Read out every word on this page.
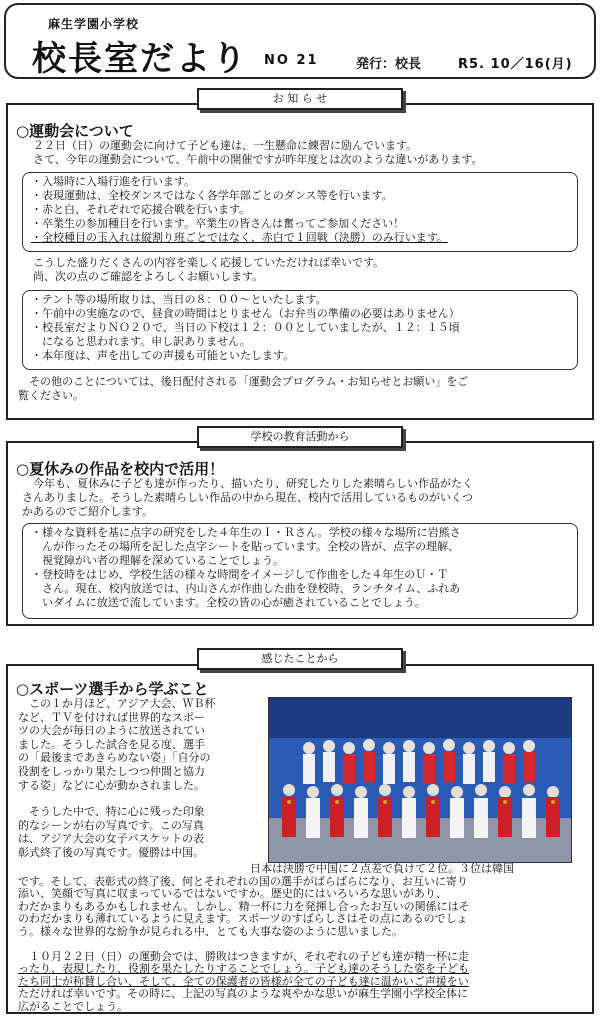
麻生学園小学校
校長室だより NO 21	発行：校長	R5. 10／16(月)
お 知 ら せ
○運動会について
　２２日（日）の運動会に向けて子ども達は、一生懸命に練習に励んでいます。
　さて、今年の運動会について、午前中の開催ですが昨年度とは次のような違いがあります。
・入場時に入場行進を行います。
・表現運動は、全校ダンスではなく各学年部ごとのダンス等を行います。
・赤と白、それぞれで応援合戦を行います。
・卒業生の参加種目を行います。卒業生の皆さんは奮ってご参加ください！
・全校種目の玉入れは縦割り班ごとではなく、赤白で１回戦（決勝）のみ行います。
　こうした盛りだくさんの内容を楽しく応援していただければ幸いです。
　尚、次の点のご確認をよろしくお願いします。
・テント等の場所取りは、当日の８：００〜といたします。
・午前中の実施なので、昼食の時間はとりません（お弁当の準備の必要はありません）
・校長室だよりＮＯ２０で、当日の下校は１２：００としていましたが、１２：１５頃
　になると思われます。申し訳ありません。
・本年度は、声を出しての声援も可能といたします。
　その他のことについては、後日配付される「運動会プログラム・お知らせとお願い」をご
覧ください。
学校の教育活動から
○夏休みの作品を校内で活用！
　今年も、夏休みに子ども達が作ったり、描いたり、研究したりした素晴らしい作品がたく
さんありました。そうした素晴らしい作品の中から現在、校内で活用しているものがいくつ
かあるのでご紹介します。
・様々な資料を基に点字の研究をした４年生のＩ・Ｒさん。学校の様々な場所に岩熊さ
　んが作ったその場所を記した点字シートを貼っています。全校の皆が、点字の理解、
　視覚障がい者の理解を深めていることでしょう。
・登校時をはじめ、学校生活の様々な時間をイメージして作曲をした４年生のＵ・Ｔ
　さん。現在、校内放送では、内山さんが作曲した曲を登校時、ランチタイム、ふれあ
　いダイムに放送で流しています。全校の皆の心が癒されていることでしょう。
感じたことから
○スポーツ選手から学ぶこと
　この１か月ほど、アジア大会、ＷＢ杯
など、ＴＶを付ければ世界的なスポー
ツの大会が毎日のように放送されてい
ました。そうした試合を見る度、選手
の「最後まであきらめない姿」「自分の
役割をしっかり果たしつつ仲間と協力
する姿」などに心が動かされました。
　そうした中で、特に心に残った印象
的なシーンが右の写真です。この写真
は、アジア大会の女子バスケットの表
彰式終了後の写真です。優勝は中国。
日本は決勝で中国に２点差で負けて２位。３位は韓国
です。そして、表彰式の終了後、何とそれぞれの国の選手がばらばらになり、お互いに寄り
添い、笑顔で写真に収まっているではないですか。歴史的にはいろいろな思いがあり、
わだかまりもあるかもしれません。しかし、精一杯に力を発揮し合ったお互いの関係にはそ
のわだかまりも薄れているように見えます。スポーツのすばらしさはその点にあるのでしょ
う。様々な世界的な紛争が見られる中、とても大事な姿のように思いました。
　１０月２２日（日）の運動会では、勝敗はつきますが、それぞれの子ども達が精一杯に走
ったり、表現したり、役割を果たしたりすることでしょう。子ども達のそうした姿を子ども
たち同士が称賛し合い、そして、全ての保護者の皆様が全ての子ども達に温かいご声援をい
ただければ幸いです。その時に、上記の写真のような爽やかな思いが麻生学園小学校全体に
広がることでしょう。
